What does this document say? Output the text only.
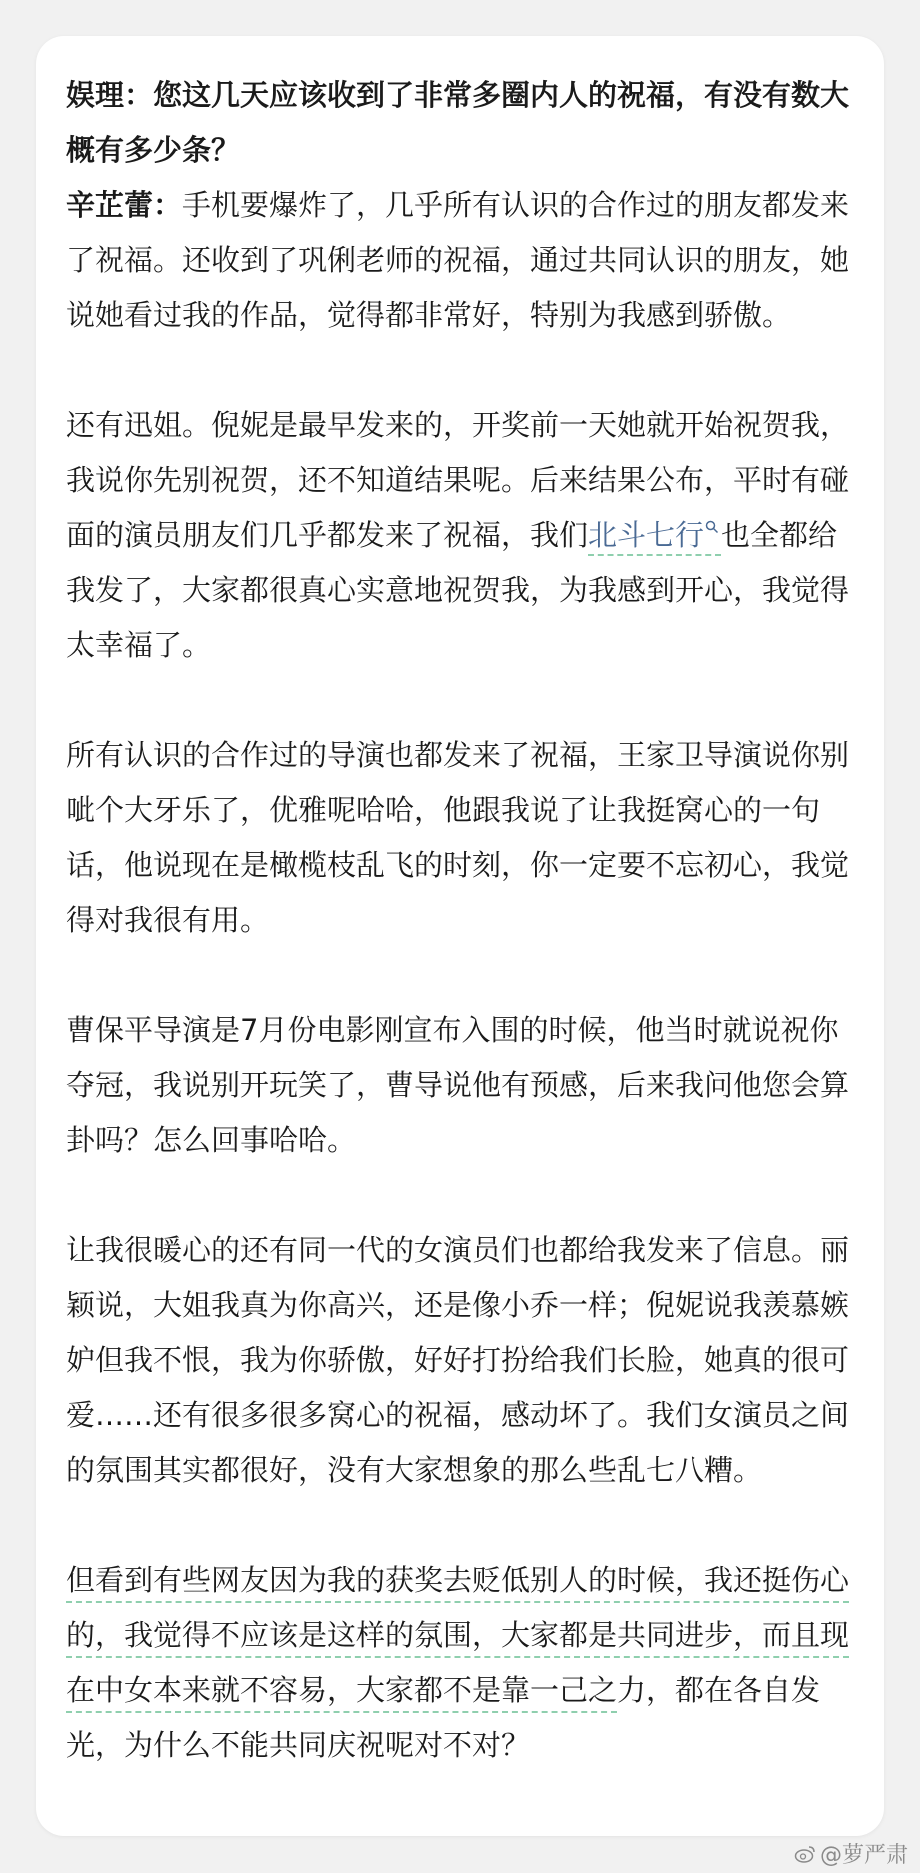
娱理：您这几天应该收到了非常多圈内人的祝福，有没有数大概有多少条？

辛芷蕾：手机要爆炸了，几乎所有认识的合作过的朋友都发来了祝福。还收到了巩俐老师的祝福，通过共同认识的朋友，她说她看过我的作品，觉得都非常好，特别为我感到骄傲。

还有迅姐。倪妮是最早发来的，开奖前一天她就开始祝贺我，我说你先别祝贺，还不知道结果呢。后来结果公布，平时有碰面的演员朋友们几乎都发来了祝福，我们北斗七行 也全都给我发了，大家都很真心实意地祝贺我，为我感到开心，我觉得太幸福了。

所有认识的合作过的导演也都发来了祝福，王家卫导演说你别呲个大牙乐了，优雅呢哈哈，他跟我说了让我挺窝心的一句话，他说现在是橄榄枝乱飞的时刻，你一定要不忘初心，我觉得对我很有用。

曹保平导演是7月份电影刚宣布入围的时候，他当时就说祝你夺冠，我说别开玩笑了，曹导说他有预感，后来我问他您会算卦吗？怎么回事哈哈。

让我很暖心的还有同一代的女演员们也都给我发来了信息。丽颖说，大姐我真为你高兴，还是像小乔一样；倪妮说我羡慕嫉妒但我不恨，我为你骄傲，好好打扮给我们长脸，她真的很可爱……还有很多很多窝心的祝福，感动坏了。我们女演员之间的氛围其实都很好，没有大家想象的那么些乱七八糟。

但看到有些网友因为我的获奖去贬低别人的时候，我还挺伤心的，我觉得不应该是这样的氛围，大家都是共同进步，而且现在中女本来就不容易，大家都不是靠一己之力，都在各自发光，为什么不能共同庆祝呢对不对？

@萝严肃
